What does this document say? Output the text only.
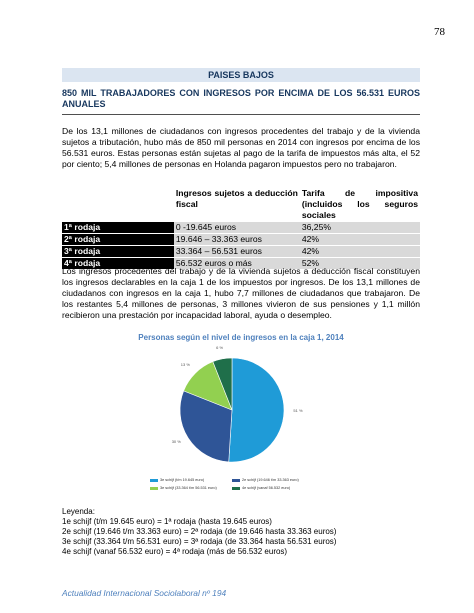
78
PAISES BAJOS
850 MIL TRABAJADORES CON INGRESOS POR ENCIMA DE LOS 56.531 EUROS ANUALES
De los 13,1 millones de ciudadanos con ingresos procedentes del trabajo y de la vivienda sujetos a tributación, hubo más de 850 mil personas en 2014 con ingresos por encima de los 56.531 euros. Estas personas están sujetas al pago de la tarifa de impuestos más alta, el 52 por ciento; 5,4 millones de personas en Holanda pagaron impuestos pero no trabajaron.
	Ingresos sujetos a deducción fiscal	Tarifa de impositiva (incluidos los seguros sociales
1ª rodaja	0 -19.645 euros	36,25%
2ª rodaja	19.646 – 33.363 euros	42%
3ª rodaja	33.364 – 56.531 euros	42%
4ª rodaja	56.532 euros o más	52%
Los ingresos procedentes del trabajo y de la vivienda sujetos a deducción fiscal constituyen los ingresos declarables en la caja 1 de los impuestos por ingresos. De los 13,1 millones de ciudadanos con ingresos en la caja 1, hubo 7,7 millones de ciudadanos que trabajaron. De los restantes 5,4 millones de personas, 3 millones vivieron de sus pensiones y 1,1 millón recibieron una prestación por incapacidad laboral, ayuda o desempleo.
Personas según el nivel de ingresos en la caja 1, 2014
51 %
30 %
13 %
6 %
3e schijf (t/m 19.645 euro)	2e schijf (19.646 t/m 33.363 euro)
3e schijf (33.364 t/m 56.531 euro)	4e schijf (vanaf 56.532 euro)
Leyenda:
1e schijf (t/m 19.645 euro) = 1ª rodaja (hasta 19.645 euros)
2e schijf (19.646 t/m 33.363 euro) = 2ª rodaja (de 19.646 hasta 33.363 euros)
3e schijf (33.364 t/m 56.531 euro) = 3ª rodaja (de 33.364 hasta 56.531 euros)
4e schijf (vanaf 56.532 euro) = 4ª rodaja (más de 56.532 euros)
Actualidad Internacional Sociolaboral nº 194
